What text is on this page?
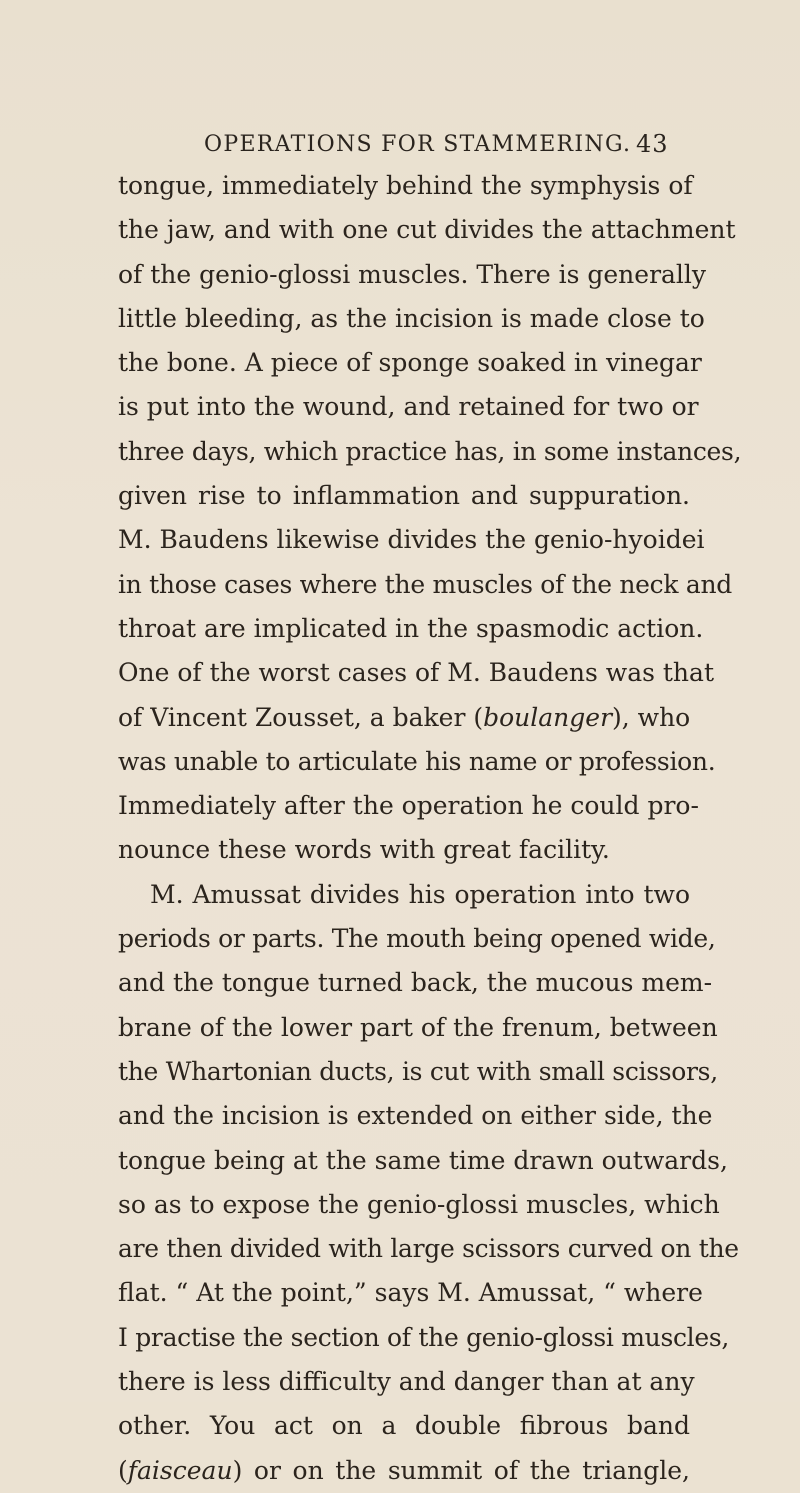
OPERATIONS FOR STAMMERING. 43
tongue, immediately behind the symphysis of
the jaw, and with one cut divides the attachment
of the genio-glossi muscles. There is generally
little bleeding, as the incision is made close to
the bone. A piece of sponge soaked in vinegar
is put into the wound, and retained for two or
three days, which practice has, in some instances,
given rise to inflammation and suppuration.
M. Baudens likewise divides the genio-hyoidei
in those cases where the muscles of the neck and
throat are implicated in the spasmodic action.
One of the worst cases of M. Baudens was that
of Vincent Zousset, a baker (boulanger), who
was unable to articulate his name or profession.
Immediately after the operation he could pro-
nounce these words with great facility.
M. Amussat divides his operation into two
periods or parts. The mouth being opened wide,
and the tongue turned back, the mucous mem-
brane of the lower part of the frenum, between
the Whartonian ducts, is cut with small scissors,
and the incision is extended on either side, the
tongue being at the same time drawn outwards,
so as to expose the genio-glossi muscles, which
are then divided with large scissors curved on the
flat. “ At the point,” says M. Amussat, “ where
I practise the section of the genio-glossi muscles,
there is less difficulty and danger than at any
other. You act on a double fibrous band
(faisceau) or on the summit of the triangle,
